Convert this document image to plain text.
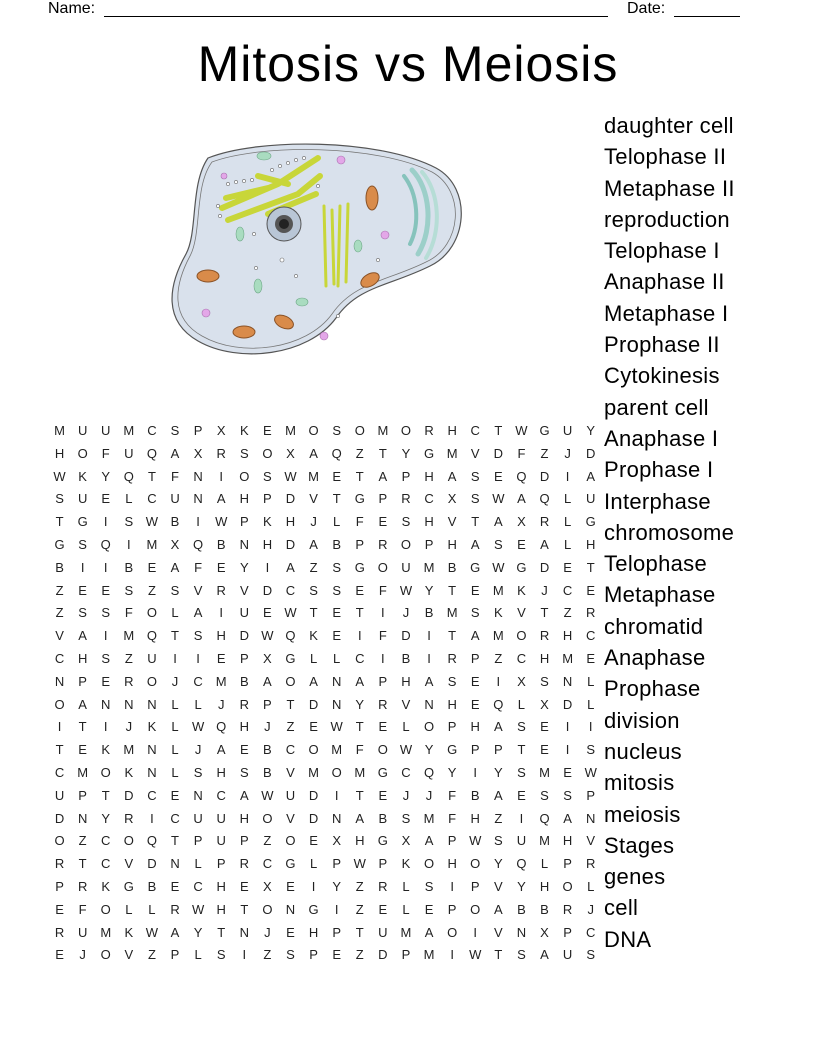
Name:	Date:
Mitosis vs Meiosis
M U	U M C	S	P	X	K	E	M O	S	O M O	R	H	C	T W G	U	Y
H	O	F	U	Q	A	X	R	S	O	X	A	Q	Z	T	Y	G M	V	D	F	Z	J	D
W K	Y	Q	T	F	N	I	O	S W M	E	T	A	P	H	A	S	E	Q	D	I	A
S	U	E	L	C	U	N	A	H	P	D	V	T	G	P	R	C	X	S W A	Q	L	U
T	G	I	S W B	I	W P	K	H	J	L	F	E	S	H	V	T	A	X	R	L	G
G	S	Q	I	M	X	Q	B	N	H	D	A	B	P	R	O	P	H	A	S	E	A	L	H
B	I	I	B	E	A	F	E	Y	I	A	Z	S	G O	U M	B	G W G	D	E	T
Z	E	E	S	Z	S	V	R	V	D	C	S	S	E	F W Y	T	E	M	K	J	C	E
Z	S	S	F	O	L	A	I	U	E W T	E	T	I	J	B	M	S	K	V	T	Z	R
V	A	I	M Q	T	S	H	D W Q	K	E	I	F	D	I	T	A	M O	R	H	C
C	H	S	Z	U	I	I	E	P	X	G	L	L	C	I	B	I	R	P	Z	C	H M	E
N	P	E	R	O	J	C M	B	A	O	A	N	A	P	H	A	S	E	I	X	S	N	L
O	A	N	N	N	L	L	J	R	P	T	D	N	Y	R	V	N	H	E	Q	L	X	D	L
I	T	I	J	K	L	W Q	H	J	Z	E W T	E	L	O	P	H	A	S	E	I	I
T	E	K	M N	L	J	A	E	B	C	O M	F	O W Y	G	P	P	T	E	I	S
C M O	K	N	L	S	H	S	B	V	M O M G	C	Q	Y	I	Y	S	M	E W
U	P	T	D	C	E	N	C	A W U	D	I	T	E	J	J	F	B	A	E	S	S	P
D	N	Y	R	I	C	U	U	H	O	V	D	N	A	B	S	M	F	H	Z	I	Q	A	N
O	Z	C	O Q	T	P	U	P	Z	O	E	X	H	G	X	A	P W S	U M H	V
R	T	C	V	D	N	L	P	R	C	G	L	P W P	K	O	H	O	Y	Q	L	P	R
P	R	K	G	B	E	C	H	E	X	E	I	Y	Z	R	L	S	I	P	V	Y	H	O	L
E	F	O	L	L	R W H	T	O	N	G	I	Z	E	L	E	P	O	A	B	B	R	J
R	U M	K W A	Y	T	N	J	E	H	P	T	U M	A	O	I	V	N	X	P	C
E	J	O	V	Z	P	L	S	I	Z	S	P	E	Z	D	P	M	I	W T	S	A	U	S
daughter cell
Telophase II
Metaphase II
reproduction
Telophase I
Anaphase II
Metaphase I
Prophase II
Cytokinesis
parent cell
Anaphase I
Prophase I
Interphase
chromosome
Telophase
Metaphase
chromatid
Anaphase
Prophase
division
nucleus
mitosis
meiosis
Stages
genes
cell
DNA
